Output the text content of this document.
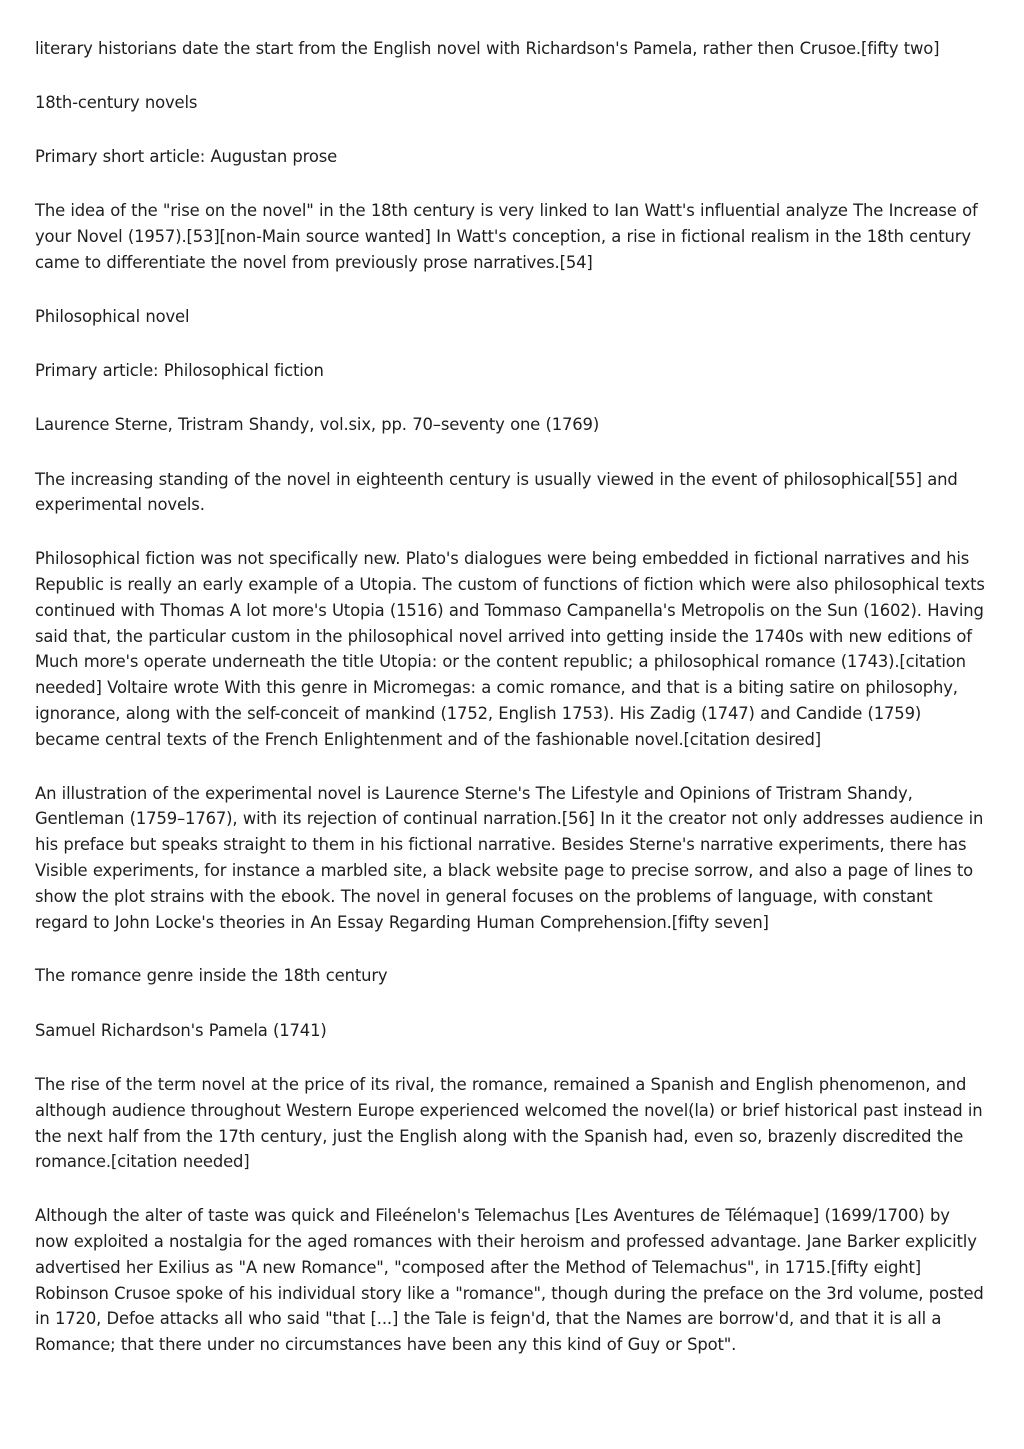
literary historians date the start from the English novel with Richardson's Pamela, rather then Crusoe.[fifty two]

18th-century novels

Primary short article: Augustan prose

The idea of the "rise on the novel" in the 18th century is very linked to Ian Watt's influential analyze The Increase of your Novel (1957).[53][non-Main source wanted] In Watt's conception, a rise in fictional realism in the 18th century came to differentiate the novel from previously prose narratives.[54]

Philosophical novel

Primary article: Philosophical fiction

Laurence Sterne, Tristram Shandy, vol.six, pp. 70–seventy one (1769)

The increasing standing of the novel in eighteenth century is usually viewed in the event of philosophical[55] and experimental novels.

Philosophical fiction was not specifically new. Plato's dialogues were being embedded in fictional narratives and his Republic is really an early example of a Utopia. The custom of functions of fiction which were also philosophical texts continued with Thomas A lot more's Utopia (1516) and Tommaso Campanella's Metropolis on the Sun (1602). Having said that, the particular custom in the philosophical novel arrived into getting inside the 1740s with new editions of Much more's operate underneath the title Utopia: or the content republic; a philosophical romance (1743).[citation needed] Voltaire wrote With this genre in Micromegas: a comic romance, and that is a biting satire on philosophy, ignorance, along with the self-conceit of mankind (1752, English 1753). His Zadig (1747) and Candide (1759) became central texts of the French Enlightenment and of the fashionable novel.[citation desired]

An illustration of the experimental novel is Laurence Sterne's The Lifestyle and Opinions of Tristram Shandy, Gentleman (1759–1767), with its rejection of continual narration.[56] In it the creator not only addresses audience in his preface but speaks straight to them in his fictional narrative. Besides Sterne's narrative experiments, there has Visible experiments, for instance a marbled site, a black website page to precise sorrow, and also a page of lines to show the plot strains with the ebook. The novel in general focuses on the problems of language, with constant regard to John Locke's theories in An Essay Regarding Human Comprehension.[fifty seven]

The romance genre inside the 18th century

Samuel Richardson's Pamela (1741)

The rise of the term novel at the price of its rival, the romance, remained a Spanish and English phenomenon, and although audience throughout Western Europe experienced welcomed the novel(la) or brief historical past instead in the next half from the 17th century, just the English along with the Spanish had, even so, brazenly discredited the romance.[citation needed]

Although the alter of taste was quick and Fileénelon's Telemachus [Les Aventures de Télémaque] (1699/1700) by now exploited a nostalgia for the aged romances with their heroism and professed advantage. Jane Barker explicitly advertised her Exilius as "A new Romance", "composed after the Method of Telemachus", in 1715.[fifty eight] Robinson Crusoe spoke of his individual story like a "romance", though during the preface on the 3rd volume, posted in 1720, Defoe attacks all who said "that [...] the Tale is feign'd, that the Names are borrow'd, and that it is all a Romance; that there under no circumstances have been any this kind of Guy or Spot".
